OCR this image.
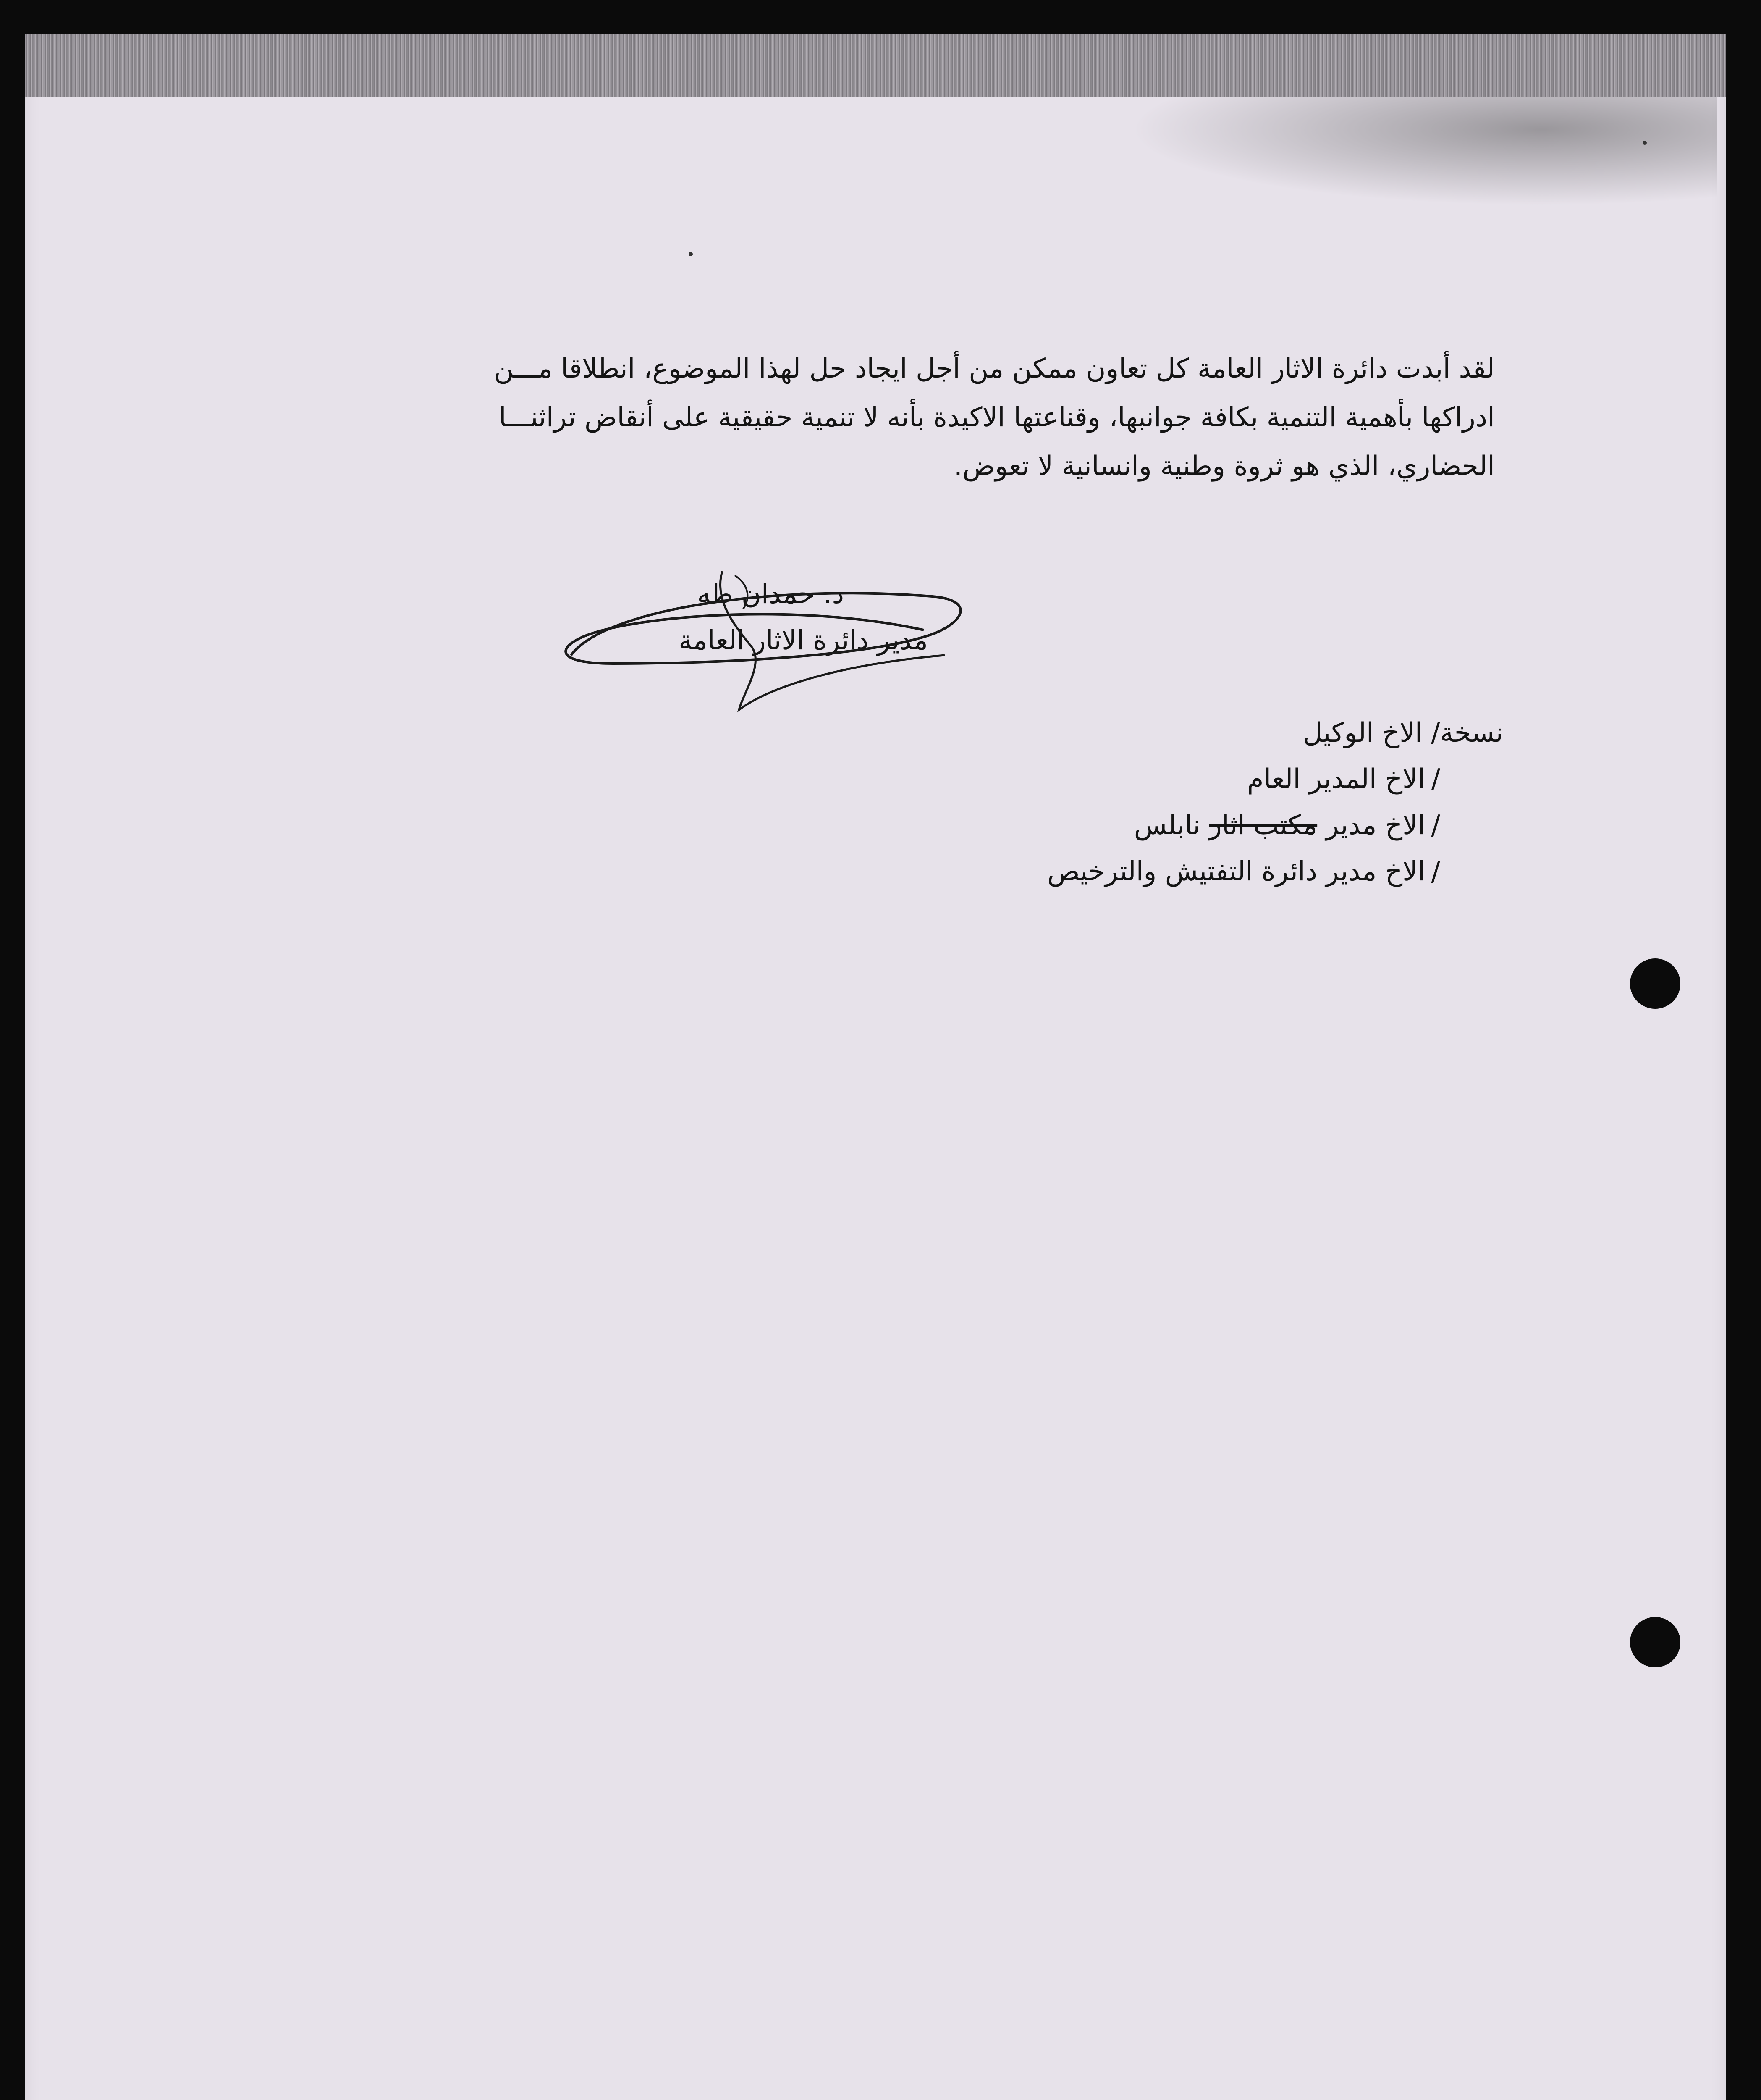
لقد أبدت دائرة الاثار العامة كل تعاون ممكن من أجل ايجاد حل لهذا الموضوع، انطلاقا مـــن
ادراكها بأهمية التنمية بكافة جوانبها، وقناعتها الاكيدة بأنه لا تنمية حقيقية على أنقاض تراثنـــا
الحضاري، الذي هو ثروة وطنية وانسانية لا تعوض.
د. حمدان طه
مدير دائرة الاثار العامة
نسخة/ الاخ الوكيل
/الاخ المدير العام
/الاخ مدير مكتب اثار نابلس
/الاخ مدير دائرة التفتيش والترخيص
